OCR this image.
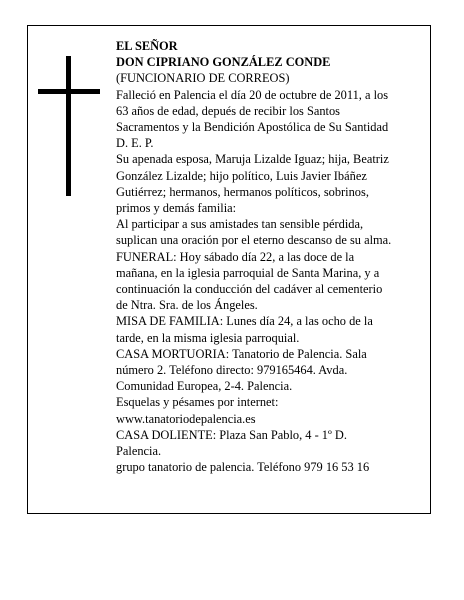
EL SEÑOR
DON CIPRIANO GONZÁLEZ CONDE
(FUNCIONARIO DE CORREOS)
Falleció en Palencia el día 20 de octubre de 2011, a los
63 años de edad, depués de recibir los Santos
Sacramentos y la Bendición Apostólica de Su Santidad
D. E. P.
Su apenada esposa, Maruja Lizalde Iguaz; hija, Beatriz
González Lizalde; hijo político, Luis Javier Ibáñez
Gutiérrez; hermanos, hermanos políticos, sobrinos,
primos y demás familia:
Al participar a sus amistades tan sensible pérdida,
suplican una oración por el eterno descanso de su alma.
FUNERAL: Hoy sábado día 22, a las doce de la
mañana, en la iglesia parroquial de Santa Marina, y a
continuación la conducción del cadáver al cementerio
de Ntra. Sra. de los Ángeles.
MISA DE FAMILIA: Lunes día 24, a las ocho de la
tarde, en la misma iglesia parroquial.
CASA MORTUORIA: Tanatorio de Palencia. Sala
número 2. Teléfono directo: 979165464. Avda.
Comunidad Europea, 2-4. Palencia.
Esquelas y pésames por internet:
www.tanatoriodepalencia.es
CASA DOLIENTE: Plaza San Pablo, 4 - 1º D.
Palencia.
grupo tanatorio de palencia. Teléfono 979 16 53 16
